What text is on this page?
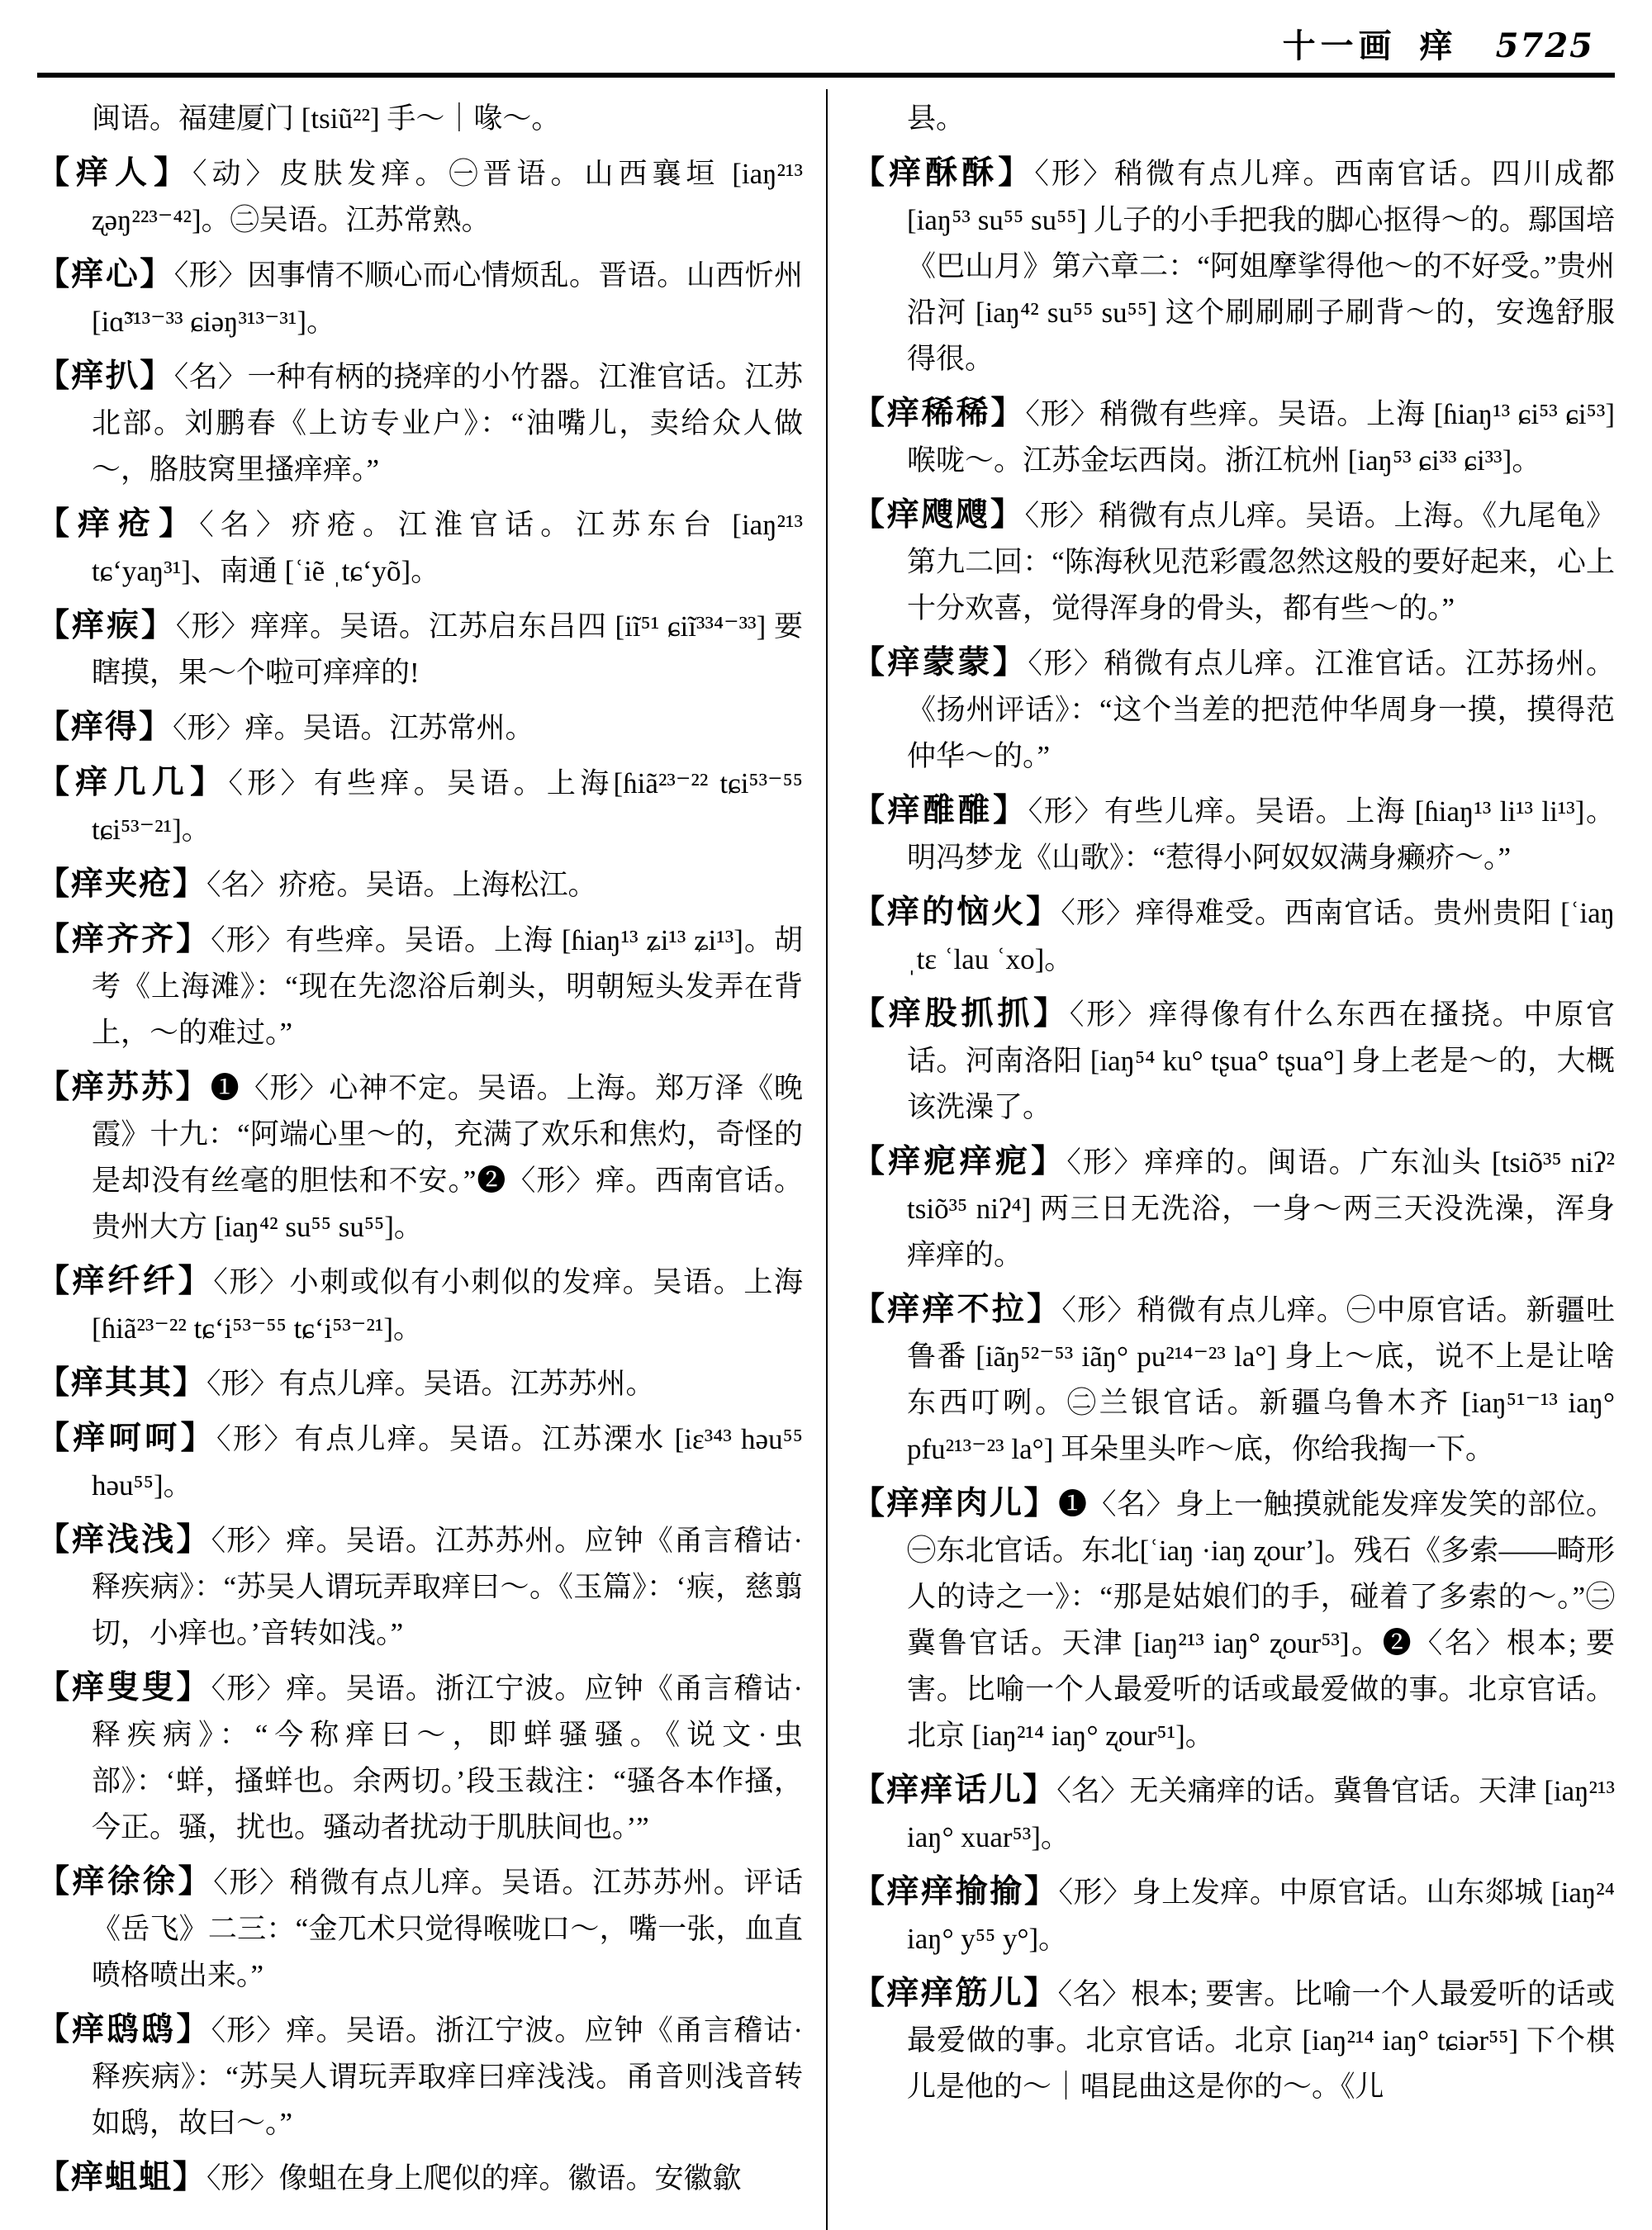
十一画 痒 5725

闽语。福建厦门 [tsiũ²²] 手～｜喙～。

【痒人】〈动〉皮肤发痒。㊀晋语。山西襄垣 [iaŋ²¹³ ʐəŋ²²³⁻⁴²]。㊁吴语。江苏常熟。

【痒心】〈形〉因事情不顺心而心情烦乱。晋语。山西忻州 [iɑ̃³¹³⁻³³ ɕiəŋ³¹³⁻³¹]。

【痒扒】〈名〉一种有柄的挠痒的小竹器。江淮官话。江苏北部。刘鹏春《上访专业户》：“油嘴儿，卖给众人做～，胳肢窝里搔痒痒。”

【痒疮】〈名〉疥疮。江淮官话。江苏东台 [iaŋ²¹³ tɕ‘yaŋ³¹]、南通 [ʿiẽ ˌtɕ‘yõ]。

【痒𤶥】〈形〉痒痒。吴语。江苏启东吕四 [iĩ⁵¹ ɕiĩ³³⁴⁻³³] 要瞎摸，果～个啦可痒痒的!

【痒得】〈形〉痒。吴语。江苏常州。

【痒几几】〈形〉有些痒。吴语。上海[ɦiã²³⁻²² tɕi⁵³⁻⁵⁵ tɕi⁵³⁻²¹]。

【痒夹疮】〈名〉疥疮。吴语。上海松江。

【痒齐齐】〈形〉有些痒。吴语。上海 [ɦiaŋ¹³ ʑi¹³ ʑi¹³]。胡考《上海滩》：“现在先淴浴后剃头，明朝短头发弄在背上，～的难过。”

【痒苏苏】❶〈形〉心神不定。吴语。上海。郑万泽《晚霞》十九：“阿端心里～的，充满了欢乐和焦灼，奇怪的是却没有丝毫的胆怯和不安。”❷〈形〉痒。西南官话。贵州大方 [iaŋ⁴² su⁵⁵ su⁵⁵]。

【痒纤纤】〈形〉小刺或似有小刺似的发痒。吴语。上海 [ɦiã²³⁻²² tɕ‘i⁵³⁻⁵⁵ tɕ‘i⁵³⁻²¹]。

【痒其其】〈形〉有点儿痒。吴语。江苏苏州。

【痒呵呵】〈形〉有点儿痒。吴语。江苏溧水 [iɛ³⁴³ həu⁵⁵ həu⁵⁵]。

【痒浅浅】〈形〉痒。吴语。江苏苏州。应钟《甬言稽诂·释疾病》：“苏吴人谓玩弄取痒曰～。《玉篇》：‘𤶥，慈翦切，小痒也。’音转如浅。”

【痒叟叟】〈形〉痒。吴语。浙江宁波。应钟《甬言稽诂·释疾病》：“今称痒曰～，即蛘骚骚。《说文·虫部》：‘蛘，搔蛘也。余两切。’段玉裁注：“骚各本作搔，今正。骚，扰也。骚动者扰动于肌肤间也。’”

【痒徐徐】〈形〉稍微有点儿痒。吴语。江苏苏州。评话《岳飞》二三：“金兀术只觉得喉咙口～，嘴一张，血直喷格喷出来。”

【痒鸱鸱】〈形〉痒。吴语。浙江宁波。应钟《甬言稽诂·释疾病》：“苏吴人谓玩弄取痒曰痒浅浅。甬音则浅音转如鸱，故曰～。”

【痒蛆蛆】〈形〉像蛆在身上爬似的痒。徽语。安徽歙

县。

【痒酥酥】〈形〉稍微有点儿痒。西南官话。四川成都 [iaŋ⁵³ su⁵⁵ su⁵⁵] 儿子的小手把我的脚心抠得～的。鄢国培《巴山月》第六章二：“阿姐摩挲得他～的不好受。”贵州沿河 [iaŋ⁴² su⁵⁵ su⁵⁵] 这个刷刷刷子刷背～的，安逸舒服得很。

【痒稀稀】〈形〉稍微有些痒。吴语。上海 [ɦiaŋ¹³ ɕi⁵³ ɕi⁵³] 喉咙～。江苏金坛西岗。浙江杭州 [iaŋ⁵³ ɕi³³ ɕi³³]。

【痒飕飕】〈形〉稍微有点儿痒。吴语。上海。《九尾龟》第九二回：“陈海秋见范彩霞忽然这般的要好起来，心上十分欢喜，觉得浑身的骨头，都有些～的。”

【痒蒙蒙】〈形〉稍微有点儿痒。江淮官话。江苏扬州。《扬州评话》：“这个当差的把范仲华周身一摸，摸得范仲华～的。”

【痒醀醀】〈形〉有些儿痒。吴语。上海 [ɦiaŋ¹³ li¹³ li¹³]。明冯梦龙《山歌》：“惹得小阿奴奴满身癞疥～。”

【痒的恼火】〈形〉痒得难受。西南官话。贵州贵阳 [ʿiaŋ ˌtɛ ʿlau ʿxo]。

【痒股抓抓】〈形〉痒得像有什么东西在搔挠。中原官话。河南洛阳 [iaŋ⁵⁴ ku° tʂua° tʂua°] 身上老是～的，大概该洗澡了。

【痒痆痒痆】〈形〉痒痒的。闽语。广东汕头 [tsiõ³⁵ niʔ² tsiõ³⁵ niʔ⁴] 两三日无洗浴，一身～两三天没洗澡，浑身痒痒的。

【痒痒不拉】〈形〉稍微有点儿痒。㊀中原官话。新疆吐鲁番 [iãŋ⁵²⁻⁵³ iãŋ° pu²¹⁴⁻²³ la°] 身上～底，说不上是让啥东西叮咧。㊁兰银官话。新疆乌鲁木齐 [iaŋ⁵¹⁻¹³ iaŋ° pfu²¹³⁻²³ la°] 耳朵里头咋～底，你给我掏一下。

【痒痒肉儿】❶〈名〉身上一触摸就能发痒发笑的部位。㊀东北官话。东北[ʿiaŋ ·iaŋ ʐourʼ]。残石《多索——畸形人的诗之一》：“那是姑娘们的手，碰着了多索的～。”㊁冀鲁官话。天津 [iaŋ²¹³ iaŋ° ʐour⁵³]。❷〈名〉根本; 要害。比喻一个人最爱听的话或最爱做的事。北京官话。北京 [iaŋ²¹⁴ iaŋ° ʐour⁵¹]。

【痒痒话儿】〈名〉无关痛痒的话。冀鲁官话。天津 [iaŋ²¹³ iaŋ° xuar⁵³]。

【痒痒揄揄】〈形〉身上发痒。中原官话。山东郯城 [iaŋ²⁴ iaŋ° y⁵⁵ y°]。

【痒痒筋儿】〈名〉根本; 要害。比喻一个人最爱听的话或最爱做的事。北京官话。北京 [iaŋ²¹⁴ iaŋ° tɕiər⁵⁵] 下个棋儿是他的～｜唱昆曲这是你的～。《儿
